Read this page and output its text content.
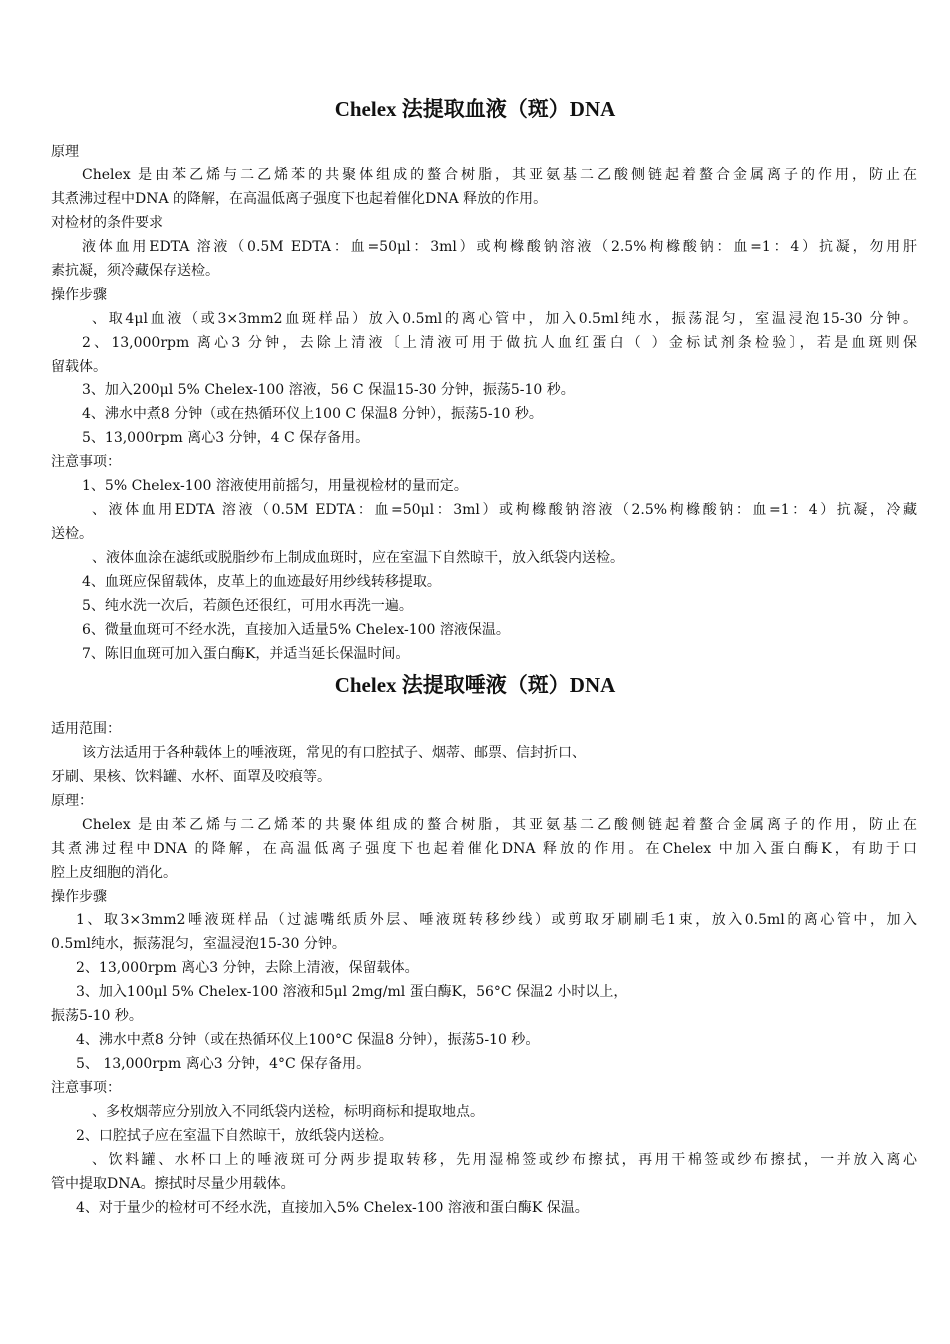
Chelex 法提取血液（斑）DNA
原理
Chelex 是由苯乙烯与二乙烯苯的共聚体组成的螯合树脂，其亚氨基二乙酸侧链起着螯合金属离子的作用，防止在
其煮沸过程中DNA 的降解，在高温低离子强度下也起着催化DNA 释放的作用。
对检材的条件要求
液体血用EDTA 溶液（0.5M EDTA：血=50μl：3ml）或枸橼酸钠溶液（2.5%枸橼酸钠：血=1：4）抗凝，勿用肝
素抗凝，须冷藏保存送检。
操作步骤
、取4μl血液（或3×3mm2血斑样品）放入0.5ml的离心管中，加入0.5ml纯水，振荡混匀，室温浸泡15-30 分钟。
2、13,000rpm 离心3 分钟，去除上清液〔上清液可用于做抗人血红蛋白（ ）金标试剂条检验〕，若是血斑则保
留载体。
3、加入200μl 5% Chelex-100 溶液，56 C 保温15-30 分钟，振荡5-10 秒。
4、沸水中煮8 分钟（或在热循环仪上100 C 保温8 分钟），振荡5-10 秒。
5、13,000rpm 离心3 分钟，4 C 保存备用。
注意事项：
1、5% Chelex-100 溶液使用前摇匀，用量视检材的量而定。
、液体血用EDTA 溶液（0.5M EDTA：血=50μl：3ml）或枸橼酸钠溶液（2.5%枸橼酸钠：血=1：4）抗凝，冷藏
送检。
、液体血涂在滤纸或脱脂纱布上制成血斑时，应在室温下自然晾干，放入纸袋内送检。
4、血斑应保留载体，皮革上的血迹最好用纱线转移提取。
5、纯水洗一次后，若颜色还很红，可用水再洗一遍。
6、微量血斑可不经水洗，直接加入适量5% Chelex-100 溶液保温。
7、陈旧血斑可加入蛋白酶K，并适当延长保温时间。
Chelex 法提取唾液（斑）DNA
适用范围：
该方法适用于各种载体上的唾液斑，常见的有口腔拭子、烟蒂、邮票、信封折口、
牙刷、果核、饮料罐、水杯、面罩及咬痕等。
原理：
Chelex 是由苯乙烯与二乙烯苯的共聚体组成的螯合树脂，其亚氨基二乙酸侧链起着螯合金属离子的作用，防止在
其煮沸过程中DNA 的降解，在高温低离子强度下也起着催化DNA 释放的作用。在Chelex 中加入蛋白酶K，有助于口
腔上皮细胞的消化。
操作步骤
1、取3×3mm2唾液斑样品（过滤嘴纸质外层、唾液斑转移纱线）或剪取牙刷刷毛1束，放入0.5ml的离心管中，加入
0.5ml纯水，振荡混匀，室温浸泡15-30 分钟。
2、13,000rpm 离心3 分钟，去除上清液，保留载体。
3、加入100μl 5% Chelex-100 溶液和5μl 2mg/ml 蛋白酶K，56°C 保温2 小时以上，
振荡5-10 秒。
4、沸水中煮8 分钟（或在热循环仪上100°C 保温8 分钟），振荡5-10 秒。
5、 13,000rpm 离心3 分钟，4°C 保存备用。
注意事项：
、多枚烟蒂应分别放入不同纸袋内送检，标明商标和提取地点。
2、口腔拭子应在室温下自然晾干，放纸袋内送检。
、饮料罐、水杯口上的唾液斑可分两步提取转移，先用湿棉签或纱布擦拭，再用干棉签或纱布擦拭，一并放入离心
管中提取DNA。擦拭时尽量少用载体。
4、对于量少的检材可不经水洗，直接加入5% Chelex-100 溶液和蛋白酶K 保温。
